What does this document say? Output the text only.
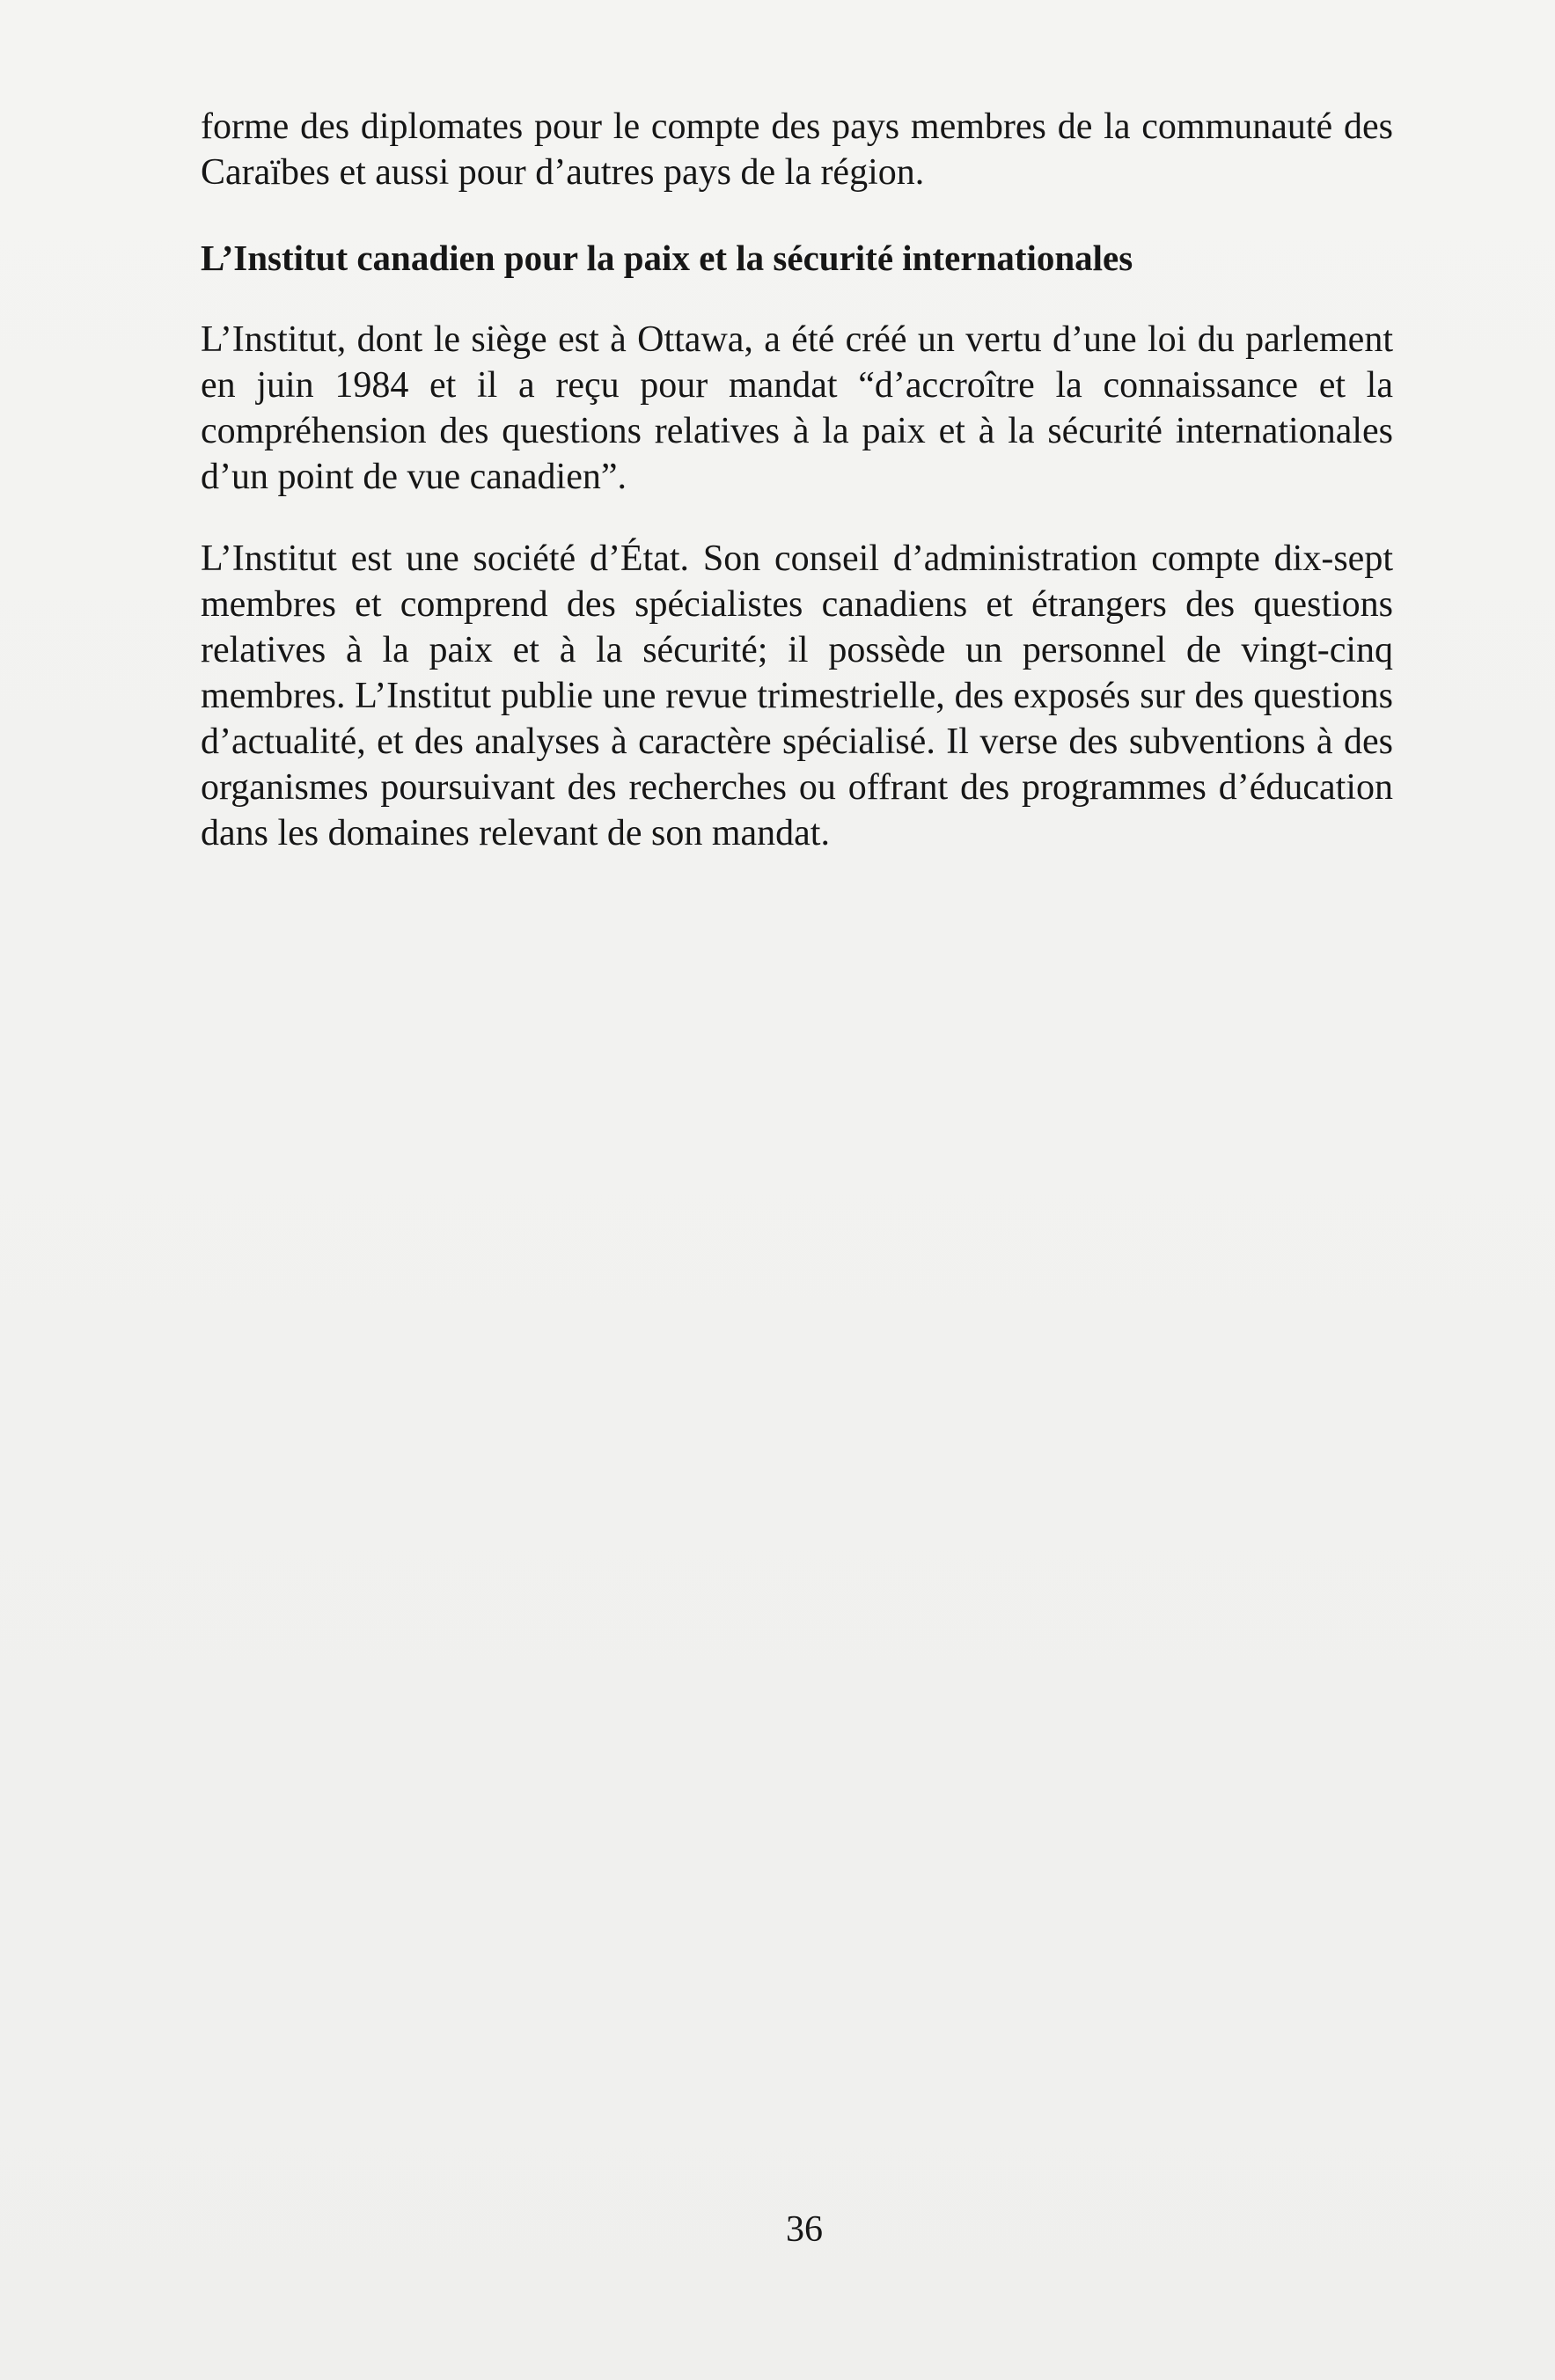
forme des diplomates pour le compte des pays membres de la communauté des Caraïbes et aussi pour d’autres pays de la région.

L’Institut canadien pour la paix et la sécurité internationales

L’Institut, dont le siège est à Ottawa, a été créé un vertu d’une loi du parlement en juin 1984 et il a reçu pour mandat “d’accroître la connaissance et la compréhension des questions relatives à la paix et à la sécurité internationales d’un point de vue canadien”.

L’Institut est une société d’État. Son conseil d’administration compte dix-sept membres et comprend des spécialistes canadiens et étrangers des questions relatives à la paix et à la sécurité; il possède un personnel de vingt-cinq membres. L’Institut publie une revue trimestrielle, des exposés sur des questions d’actualité, et des analyses à caractère spécialisé. Il verse des subventions à des organismes poursuivant des recherches ou offrant des programmes d’éducation dans les domaines relevant de son mandat.

36
